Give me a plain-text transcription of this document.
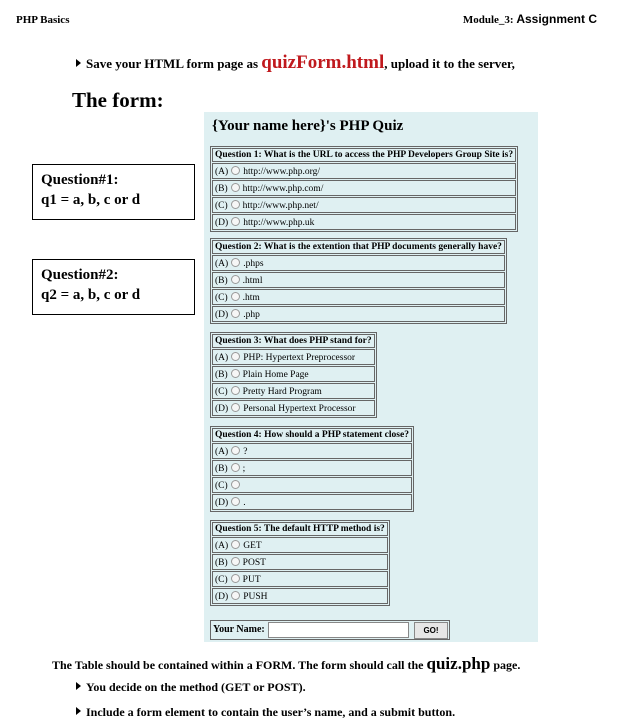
PHP Basics	Module_3: Assignment C
Save your HTML form page as quizForm.html, upload it to the server,
The form:
Question#1:
q1 = a, b, c or d
Question#2:
q2 = a, b, c or d
{Your name here}'s PHP Quiz
Question 1: What is the URL to access the PHP Developers Group Site is?
(A) http://www.php.org/
(B) http://www.php.com/
(C) http://www.php.net/
(D) http://www.php.uk
Question 2: What is the extention that PHP documents generally have?
(A) .phps
(B) .html
(C) .htm
(D) .php
Question 3: What does PHP stand for?
(A) PHP: Hypertext Preprocessor
(B) Plain Home Page
(C) Pretty Hard Program
(D) Personal Hypertext Processor
Question 4: How should a PHP statement close?
(A) ?
(B) ;
(C)
(D) .
Question 5: The default HTTP method is?
(A) GET
(B) POST
(C) PUT
(D) PUSH
Your Name:	GO!
The Table should be contained within a FORM. The form should call the quiz.php page.
You decide on the method (GET or POST).
Include a form element to contain the user’s name, and a submit button.
